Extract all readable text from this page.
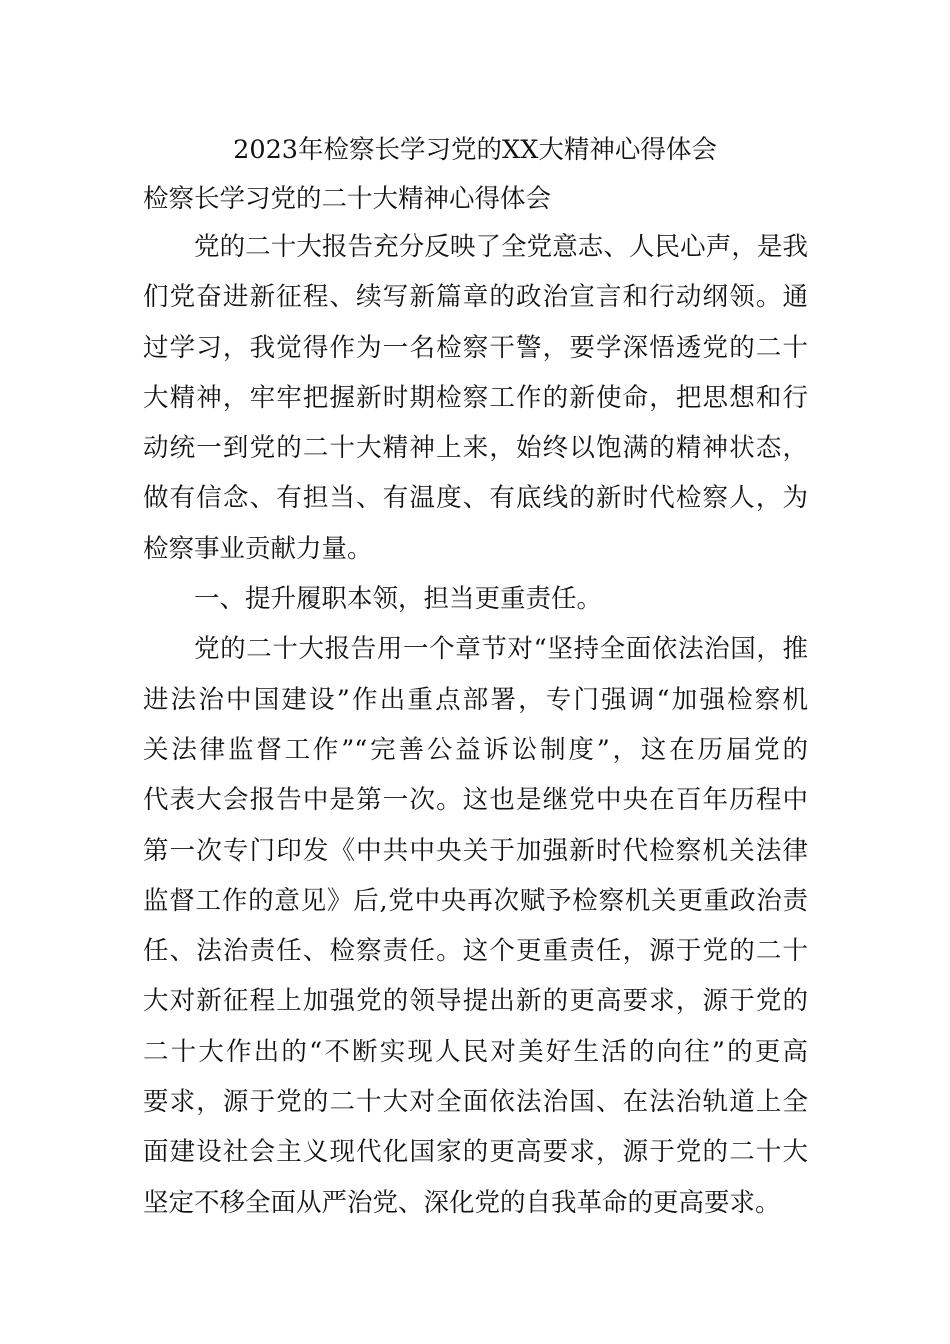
2023年检察长学习党的XX大精神心得体会
检察长学习党的二十大精神心得体会
党的二十大报告充分反映了全党意志、人民心声，是我
们党奋进新征程、续写新篇章的政治宣言和行动纲领。通
过学习，我觉得作为一名检察干警，要学深悟透党的二十
大精神，牢牢把握新时期检察工作的新使命，把思想和行
动统一到党的二十大精神上来，始终以饱满的精神状态，
做有信念、有担当、有温度、有底线的新时代检察人，为
检察事业贡献力量。
一、提升履职本领，担当更重责任。
党的二十大报告用一个章节对“坚持全面依法治国，推
进法治中国建设”作出重点部署，专门强调“加强检察机
关法律监督工作”“完善公益诉讼制度”，这在历届党的
代表大会报告中是第一次。这也是继党中央在百年历程中
第一次专门印发《中共中央关于加强新时代检察机关法律
监督工作的意见》后,党中央再次赋予检察机关更重政治责
任、法治责任、检察责任。这个更重责任，源于党的二十
大对新征程上加强党的领导提出新的更高要求，源于党的
二十大作出的“不断实现人民对美好生活的向往”的更高
要求，源于党的二十大对全面依法治国、在法治轨道上全
面建设社会主义现代化国家的更高要求，源于党的二十大
坚定不移全面从严治党、深化党的自我革命的更高要求。
